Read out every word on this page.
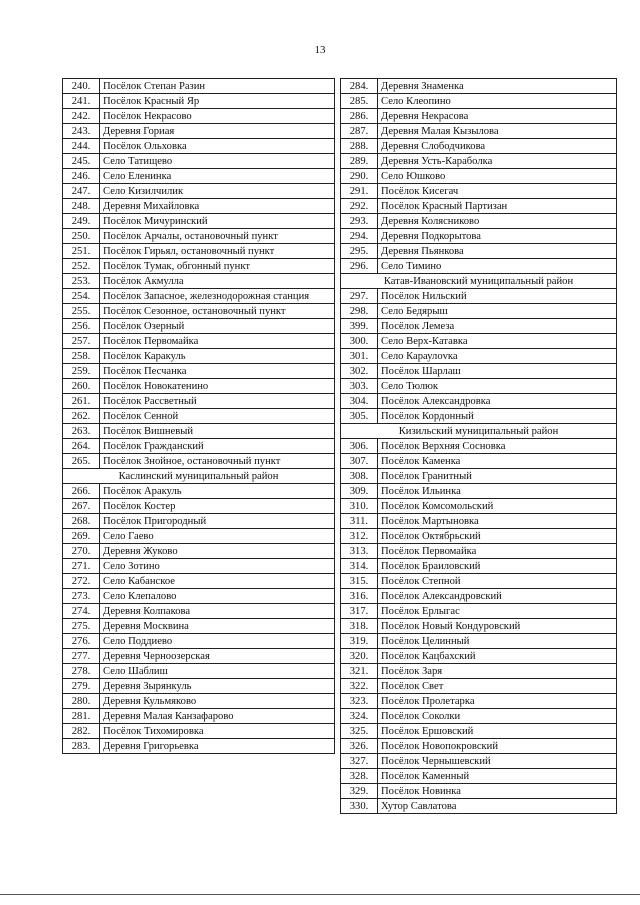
13
240.	Посёлок Степан Разин
241.	Посёлок Красный Яр
242.	Посёлок Некрасово
243.	Деревня Гориая
244.	Посёлок Ольховка
245.	Село Татищево
246.	Село Еленинка
247.	Село Кизилчилик
248.	Деревня Михайловка
249.	Посёлок Мичуринский
250.	Посёлок Арчалы, остановочный пункт
251.	Посёлок Гирьял, остановочный пункт
252.	Посёлок Тумак, обгонный пункт
253.	Посёлок Акмулла
254.	Посёлок Запасное, железнодорожная станция
255.	Посёлок Сезонное, остановочный пункт
256.	Посёлок Озерный
257.	Посёлок Первомайка
258.	Посёлок Каракуль
259.	Посёлок Песчанка
260.	Посёлок Новокатенино
261.	Посёлок Рассветный
262.	Посёлок Сенной
263.	Посёлок Вишневый
264.	Посёлок Гражданский
265.	Посёлок Знойное, остановочный пункт
Каслинский муниципальный район	
266.	Посёлок Аракуль
267.	Посёлок Костер
268.	Посёлок Пригородный
269.	Село Гаево
270.	Деревня Жуково
271.	Село Зотино
272.	Село Кабанское
273.	Село Клепалово
274.	Деревня Колпакова
275.	Деревня Москвина
276.	Село Поддиево
277.	Деревня Черноозерская
278.	Село Шаблиш
279.	Деревня Зырянкуль
280.	Деревня Кульмяково
281.	Деревня Малая Канзафарово
282.	Посёлок Тихомировка
283.	Деревня Григорьевка
284.	Деревня Знаменка
285.	Село Клеопино
286.	Деревня Некрасова
287.	Деревня Малая Кызылова
288.	Деревня Слободчикова
289.	Деревня Усть-Караболка
290.	Село Юшково
291.	Посёлок Кисегач
292.	Посёлок Красный Партизан
293.	Деревня Колясниково
294.	Деревня Подкорытова
295.	Деревня Пьянкова
296.	Село Тимино
Катав-Ивановский муниципальный район	
297.	Посёлок Нильский
298.	Село Бедярыш
399.	Посёлок Лемеза
300.	Село Верх-Катавка
301.	Село Караулovка
302.	Посёлок Шарлаш
303.	Село Тюлюк
304.	Посёлок Александровка
305.	Посёлок Кордонный
Кизильский муниципальный район	
306.	Посёлок Верхняя Сосновка
307.	Посёлок Каменка
308.	Посёлок Гранитный
309.	Посёлок Ильинка
310.	Посёлок Комсомольский
311.	Посёлок Мартыновка
312.	Посёлок Октябрьский
313.	Посёлок Первомайка
314.	Посёлок Браиловский
315.	Посёлок Степной
316.	Посёлок Александровский
317.	Посёлок Ерлыгас
318.	Посёлок Новый Кондуровский
319.	Посёлок Целинный
320.	Посёлок Кацбахский
321.	Посёлок Заря
322.	Посёлок Свет
323.	Посёлок Пролетарка
324.	Посёлок Соколки
325.	Посёлок Ершовский
326.	Посёлок Новопокровский
327.	Посёлок Чернышевский
328.	Посёлок Каменный
329.	Посёлок Новинка
330.	Хутор Савлатова
